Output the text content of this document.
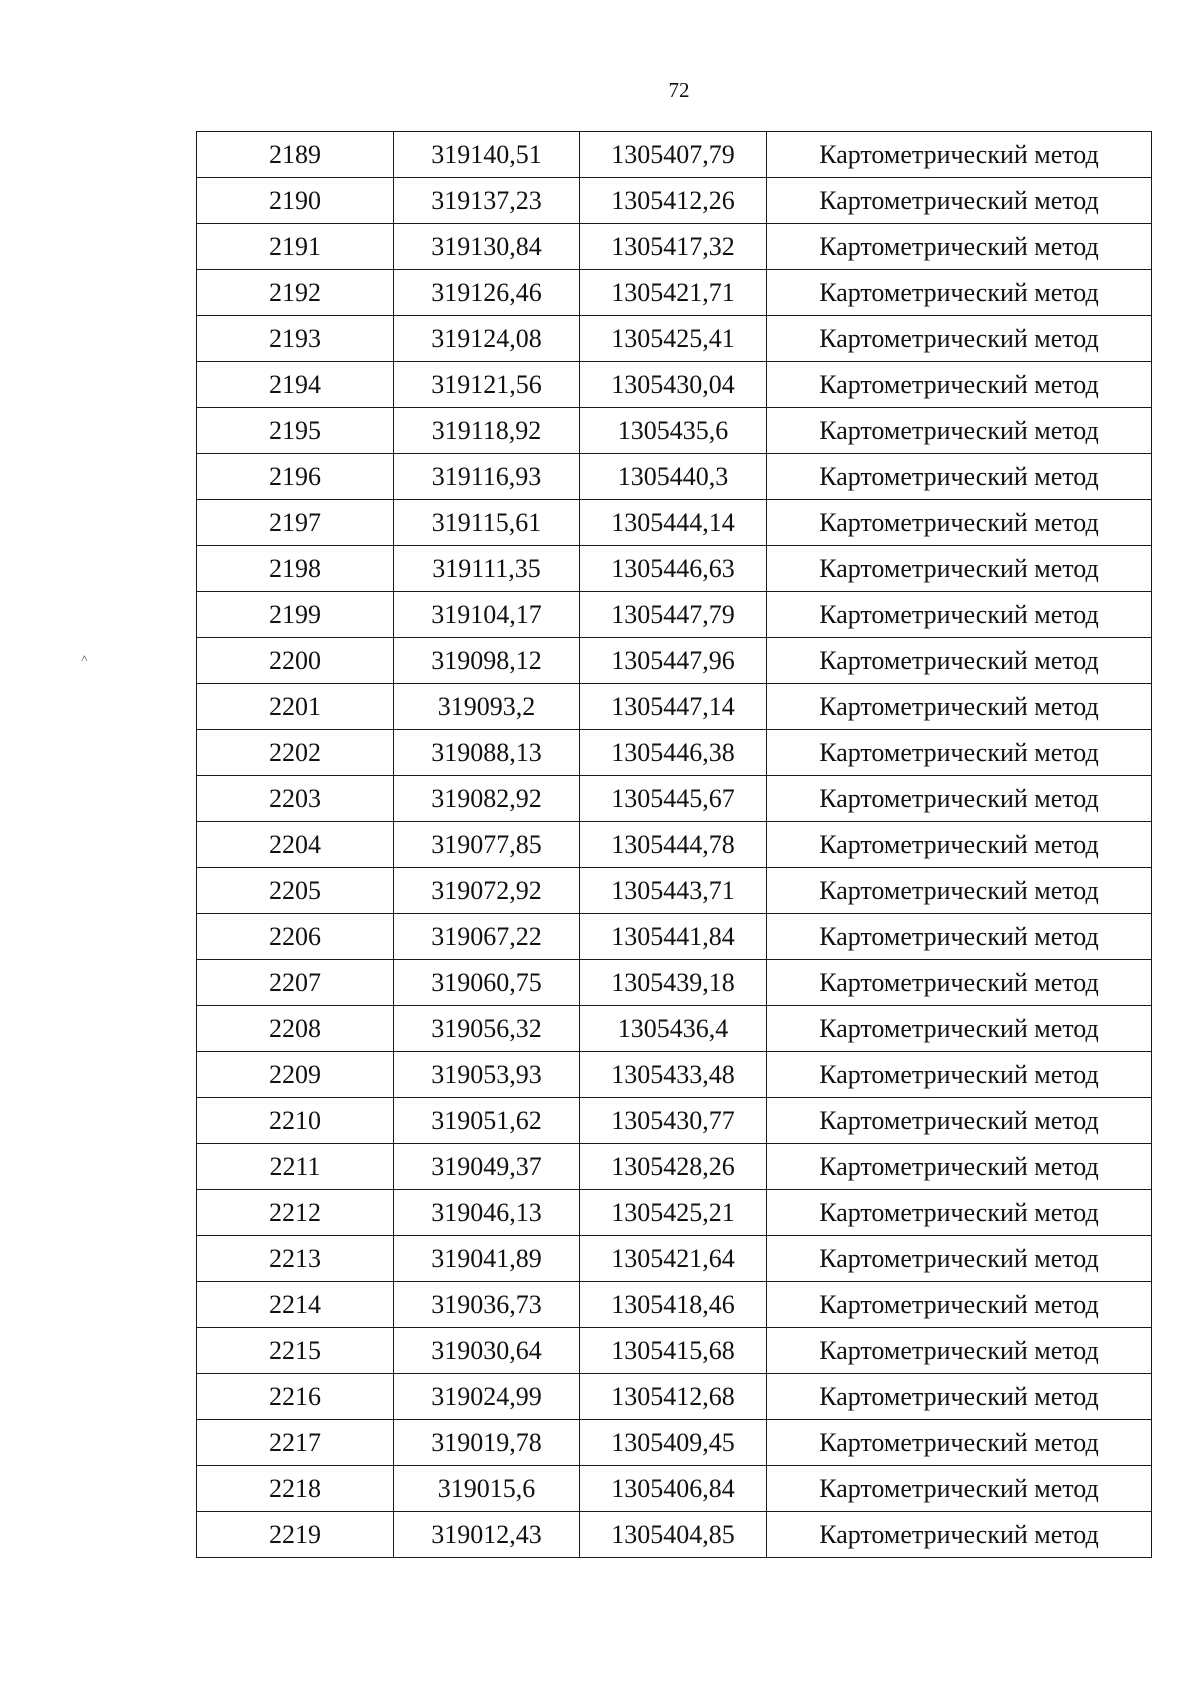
72
˄
2189	319140,51	1305407,79	Картометрический метод
2190	319137,23	1305412,26	Картометрический метод
2191	319130,84	1305417,32	Картометрический метод
2192	319126,46	1305421,71	Картометрический метод
2193	319124,08	1305425,41	Картометрический метод
2194	319121,56	1305430,04	Картометрический метод
2195	319118,92	1305435,6	Картометрический метод
2196	319116,93	1305440,3	Картометрический метод
2197	319115,61	1305444,14	Картометрический метод
2198	319111,35	1305446,63	Картометрический метод
2199	319104,17	1305447,79	Картометрический метод
2200	319098,12	1305447,96	Картометрический метод
2201	319093,2	1305447,14	Картометрический метод
2202	319088,13	1305446,38	Картометрический метод
2203	319082,92	1305445,67	Картометрический метод
2204	319077,85	1305444,78	Картометрический метод
2205	319072,92	1305443,71	Картометрический метод
2206	319067,22	1305441,84	Картометрический метод
2207	319060,75	1305439,18	Картометрический метод
2208	319056,32	1305436,4	Картометрический метод
2209	319053,93	1305433,48	Картометрический метод
2210	319051,62	1305430,77	Картометрический метод
2211	319049,37	1305428,26	Картометрический метод
2212	319046,13	1305425,21	Картометрический метод
2213	319041,89	1305421,64	Картометрический метод
2214	319036,73	1305418,46	Картометрический метод
2215	319030,64	1305415,68	Картометрический метод
2216	319024,99	1305412,68	Картометрический метод
2217	319019,78	1305409,45	Картометрический метод
2218	319015,6	1305406,84	Картометрический метод
2219	319012,43	1305404,85	Картометрический метод
